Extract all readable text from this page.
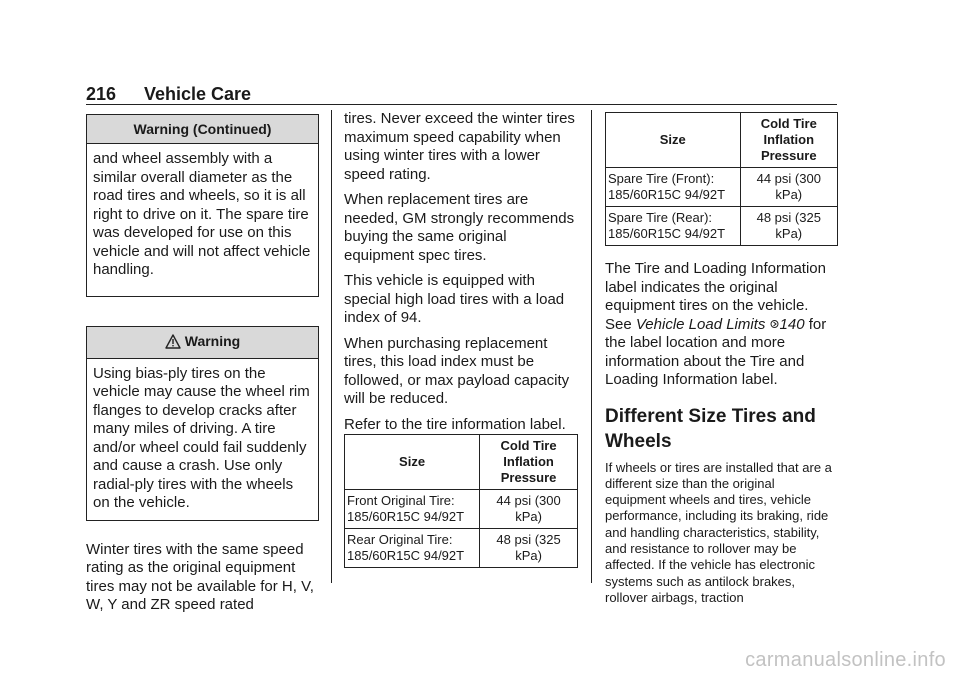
216 Vehicle Care
Warning (Continued)

and wheel assembly with a similar overall diameter as the road tires and wheels, so it is all right to drive on it. The spare tire was developed for use on this vehicle and will not affect vehicle handling.

Warning

Using bias-ply tires on the vehicle may cause the wheel rim flanges to develop cracks after many miles of driving. A tire and/or wheel could fail suddenly and cause a crash. Use only radial-ply tires with the wheels on the vehicle.

Winter tires with the same speed rating as the original equipment tires may not be available for H, V, W, Y and ZR speed rated

tires. Never exceed the winter tires maximum speed capability when using winter tires with a lower speed rating.

When replacement tires are needed, GM strongly recommends buying the same original equipment spec tires.

This vehicle is equipped with special high load tires with a load index of 94.

When purchasing replacement tires, this load index must be followed, or max payload capacity will be reduced.

Refer to the tire information label.

Size	Cold Tire Inflation Pressure
Front Original Tire: 185/60R15C 94/92T	44 psi (300 kPa)
Rear Original Tire: 185/60R15C 94/92T	48 psi (325 kPa)
Size	Cold Tire Inflation Pressure
Spare Tire (Front): 185/60R15C 94/92T	44 psi (300 kPa)
Spare Tire (Rear): 185/60R15C 94/92T	48 psi (325 kPa)

The Tire and Loading Information label indicates the original equipment tires on the vehicle. See Vehicle Load Limits 140 for the label location and more information about the Tire and Loading Information label.

Different Size Tires and Wheels

If wheels or tires are installed that are a different size than the original equipment wheels and tires, vehicle performance, including its braking, ride and handling characteristics, stability, and resistance to rollover may be affected. If the vehicle has electronic systems such as antilock brakes, rollover airbags, traction

carmanualsonline.info
